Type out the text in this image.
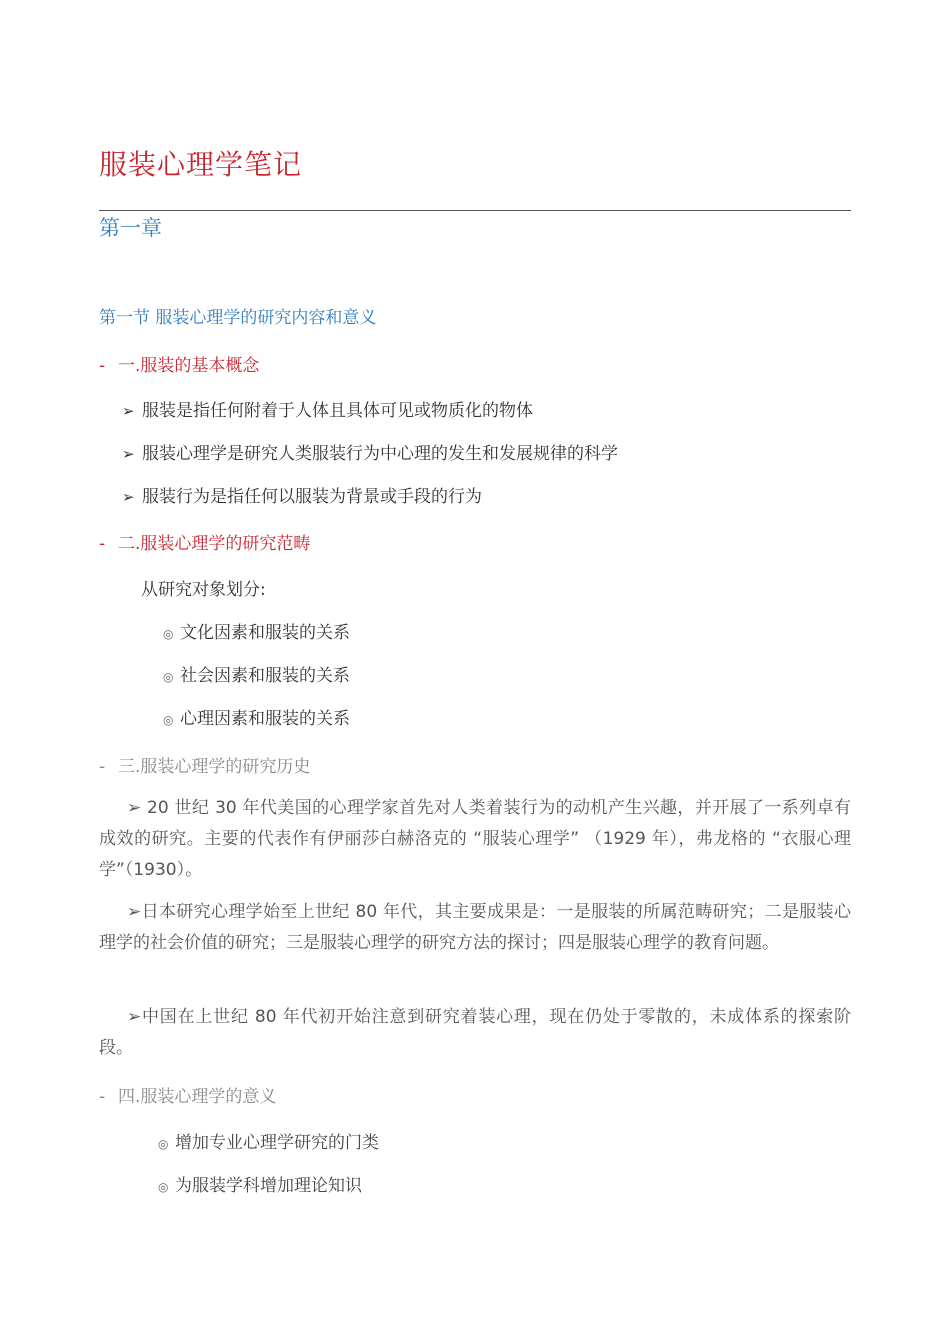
服装心理学笔记
第一章
第一节 服装心理学的研究内容和意义
- 一.服装的基本概念
➢ 服装是指任何附着于人体且具体可见或物质化的物体
➢ 服装心理学是研究人类服装行为中心理的发生和发展规律的科学
➢ 服装行为是指任何以服装为背景或手段的行为
- 二.服装心理学的研究范畴
从研究对象划分:
◎ 文化因素和服装的关系
◎ 社会因素和服装的关系
◎ 心理因素和服装的关系
- 三.服装心理学的研究历史
➢ 20 世纪 30 年代美国的心理学家首先对人类着装行为的动机产生兴趣，并开展了一系列卓有成效的研究。主要的代表作有伊丽莎白赫洛克的 “服装心理学” （1929 年），弗龙格的 “衣服心理学”（1930）。
➢日本研究心理学始至上世纪 80 年代，其主要成果是：一是服装的所属范畴研究；二是服装心理学的社会价值的研究；三是服装心理学的研究方法的探讨；四是服装心理学的教育问题。
➢中国在上世纪 80 年代初开始注意到研究着装心理，现在仍处于零散的，未成体系的探索阶段。
- 四.服装心理学的意义
◎ 增加专业心理学研究的门类
◎ 为服装学科增加理论知识
